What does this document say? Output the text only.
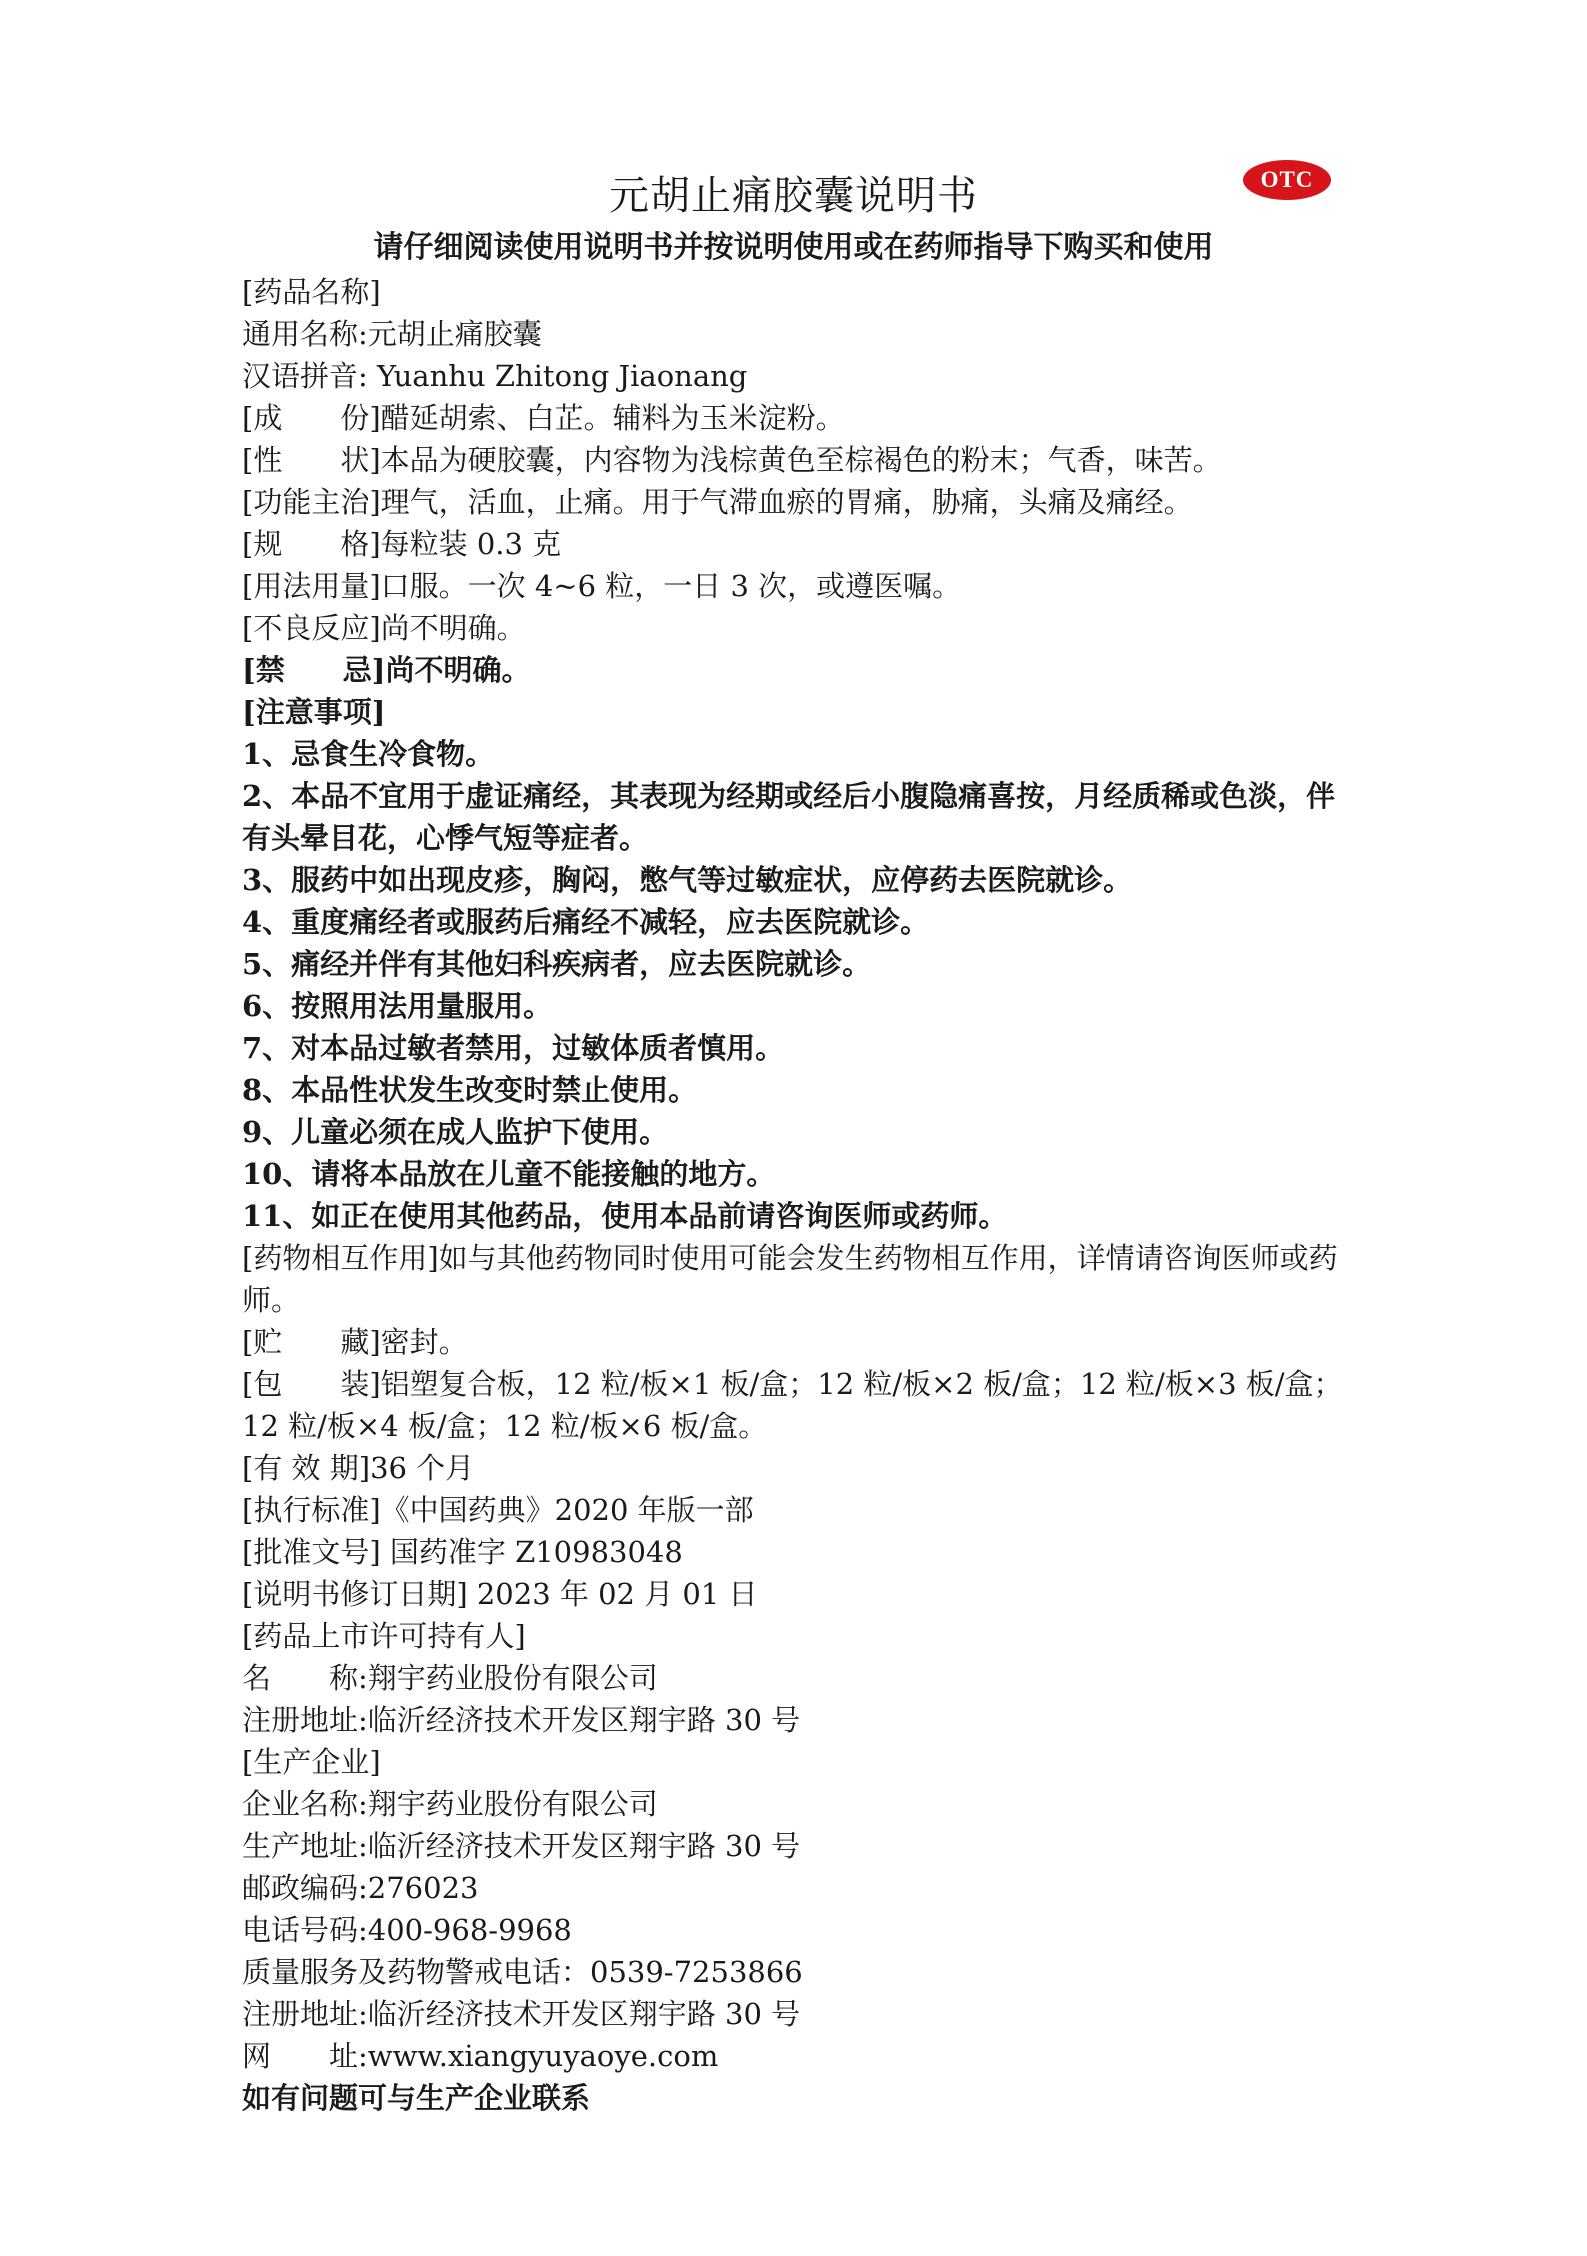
元胡止痛胶囊说明书	OTC
请仔细阅读使用说明书并按说明使用或在药师指导下购买和使用
[药品名称]
通用名称:元胡止痛胶囊
汉语拼音: Yuanhu Zhitong Jiaonang
[成　　份]醋延胡索、白芷。辅料为玉米淀粉。
[性　　状]本品为硬胶囊，内容物为浅棕黄色至棕褐色的粉末；气香，味苦。
[功能主治]理气，活血，止痛。用于气滞血瘀的胃痛，胁痛，头痛及痛经。
[规　　格]每粒装 0.3 克
[用法用量]口服。一次 4~6 粒，一日 3 次，或遵医嘱。
[不良反应]尚不明确。
[禁　　忌]尚不明确。
[注意事项]
1、忌食生冷食物。
2、本品不宜用于虚证痛经，其表现为经期或经后小腹隐痛喜按，月经质稀或色淡，伴有头晕目花，心悸气短等症者。
3、服药中如出现皮疹，胸闷，憋气等过敏症状，应停药去医院就诊。
4、重度痛经者或服药后痛经不减轻，应去医院就诊。
5、痛经并伴有其他妇科疾病者，应去医院就诊。
6、按照用法用量服用。
7、对本品过敏者禁用，过敏体质者慎用。
8、本品性状发生改变时禁止使用。
9、儿童必须在成人监护下使用。
10、请将本品放在儿童不能接触的地方。
11、如正在使用其他药品，使用本品前请咨询医师或药师。
[药物相互作用]如与其他药物同时使用可能会发生药物相互作用，详情请咨询医师或药师。
[贮　　藏]密封。
[包　　装]铝塑复合板，12 粒/板×1 板/盒；12 粒/板×2 板/盒；12 粒/板×3 板/盒；12 粒/板×4 板/盒；12 粒/板×6 板/盒。
[有 效 期]36 个月
[执行标准]《中国药典》2020 年版一部
[批准文号] 国药准字 Z10983048
[说明书修订日期] 2023 年 02 月 01 日
[药品上市许可持有人]
名　　称:翔宇药业股份有限公司
注册地址:临沂经济技术开发区翔宇路 30 号
[生产企业]
企业名称:翔宇药业股份有限公司
生产地址:临沂经济技术开发区翔宇路 30 号
邮政编码:276023
电话号码:400-968-9968
质量服务及药物警戒电话：0539-7253866
注册地址:临沂经济技术开发区翔宇路 30 号
网　　址:www.xiangyuyaoye.com
如有问题可与生产企业联系
